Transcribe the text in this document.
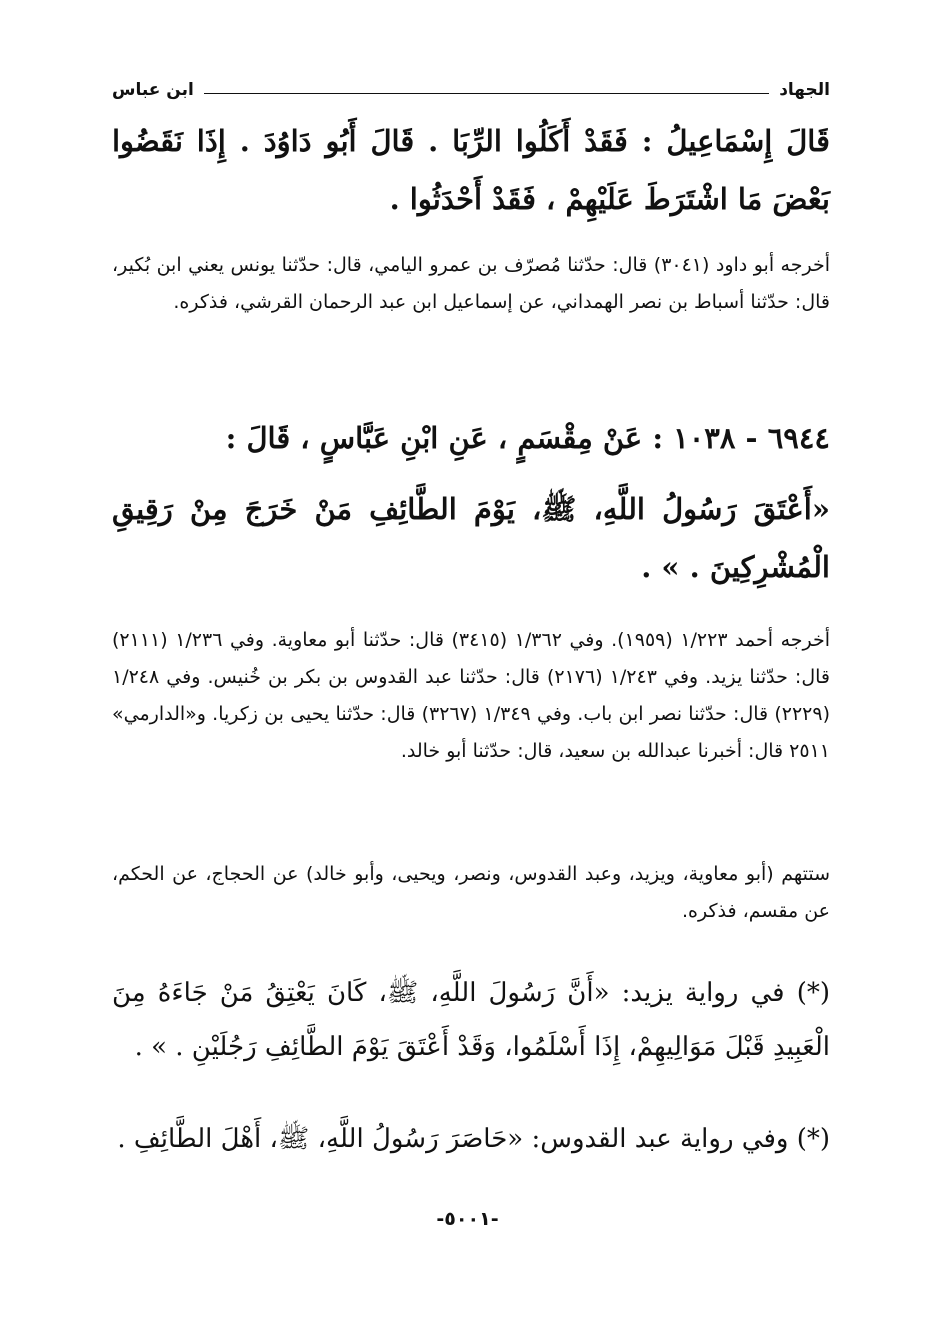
ابن عباس	الجهاد
قَالَ إِسْمَاعِيلُ : فَقَدْ أَكَلُوا الرِّبَا . قَالَ أَبُو دَاوُدَ . إِذَا نَقَضُوا بَعْضَ مَا اشْتَرَطَ عَلَيْهِمْ ، فَقَدْ أَحْدَثُوا .
أخرجه أبو داود (٣٠٤١) قال: حدّثنا مُصرّف بن عمرو اليامي، قال: حدّثنا يونس يعني ابن بُكير، قال: حدّثنا أسباط بن نصر الهمداني، عن إسماعيل ابن عبد الرحمان القرشي، فذكره.
٦٩٤٤ - ١٠٣٨ : عَنْ مِقْسَمٍ ، عَنِ ابْنِ عَبَّاسٍ ، قَالَ :
«أَعْتَقَ رَسُولُ اللَّهِ، ﷺ، يَوْمَ الطَّائِفِ مَنْ خَرَجَ مِنْ رَقِيقِ الْمُشْرِكِينَ . » .
أخرجه أحمد ١/٢٢٣ (١٩٥٩). وفي ١/٣٦٢ (٣٤١٥) قال: حدّثنا أبو معاوية. وفي ١/٢٣٦ (٢١١١) قال: حدّثنا يزيد. وفي ١/٢٤٣ (٢١٧٦) قال: حدّثنا عبد القدوس بن بكر بن خُنيس. وفي ١/٢٤٨ (٢٢٢٩) قال: حدّثنا نصر ابن باب. وفي ١/٣٤٩ (٣٢٦٧) قال: حدّثنا يحيى بن زكريا. و«الدارمي» ٢٥١١ قال: أخبرنا عبدالله بن سعيد، قال: حدّثنا أبو خالد.
ستتهم (أبو معاوية، ويزيد، وعبد القدوس، ونصر، ويحيى، وأبو خالد) عن الحجاج، عن الحكم، عن مقسم، فذكره.
(*) في رواية يزيد: «أَنَّ رَسُولَ اللَّهِ، ﷺ، كَانَ يَعْتِقُ مَنْ جَاءَهُ مِنَ الْعَبِيدِ قَبْلَ مَوَالِيهِمْ، إِذَا أَسْلَمُوا، وَقَدْ أَعْتَقَ يَوْمَ الطَّائِفِ رَجُلَيْنِ . » .
(*) وفي رواية عبد القدوس: «حَاصَرَ رَسُولُ اللَّهِ، ﷺ، أَهْلَ الطَّائِفِ .
-٥٠٠١-
